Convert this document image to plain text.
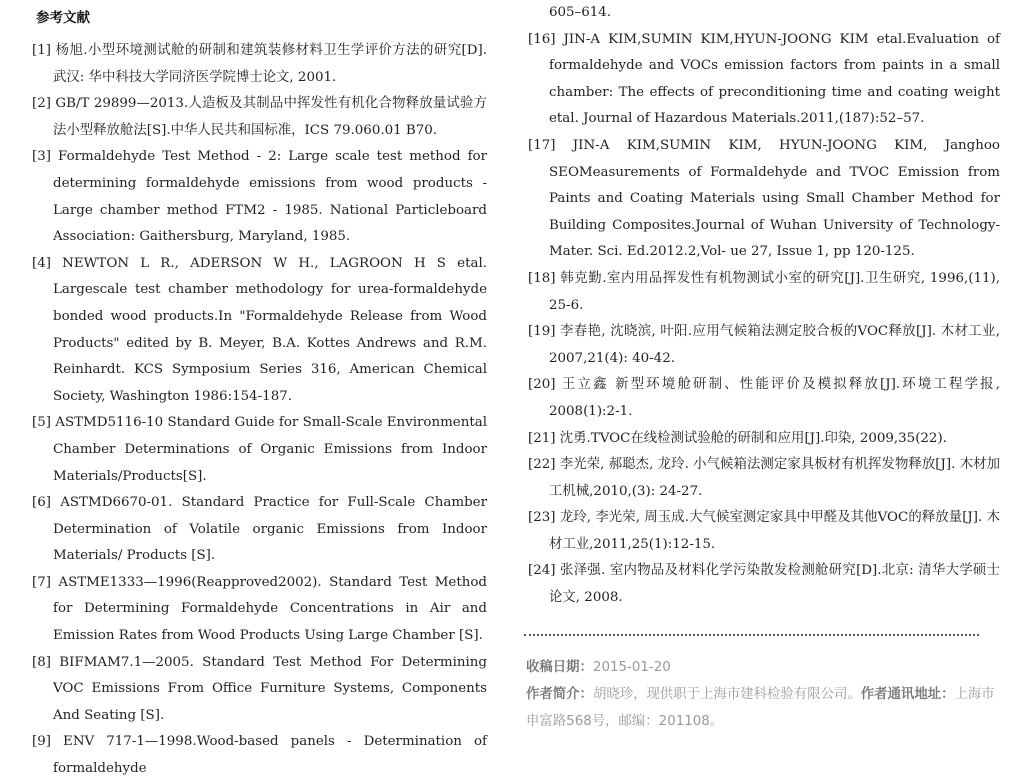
参考文献

[1] 杨旭.小型环境测试舱的研制和建筑装修材料卫生学评价方法的研究[D]. 武汉: 华中科技大学同济医学院博士论文, 2001.

[2] GB/T 29899—2013.人造板及其制品中挥发性有机化合物释放量试验方法小型释放舱法[S].中华人民共和国标准，ICS 79.060.01 B70.

[3] Formaldehyde Test Method - 2: Large scale test method for determining formaldehyde emissions from wood products - Large chamber method FTM2 - 1985. National Particleboard Association: Gaithersburg, Maryland, 1985.

[4] NEWTON L R., ADERSON W H., LAGROON H S etal. Largescale test chamber methodology for urea-formaldehyde bonded wood products.In "Formaldehyde Release from Wood Products" edited by B. Meyer, B.A. Kottes Andrews and R.M. Reinhardt. KCS Symposium Series 316, American Chemical Society, Washington 1986:154-187.

[5] ASTMD5116-10 Standard Guide for Small-Scale Environmental Chamber Determinations of Organic Emissions from Indoor Materials/Products[S].

[6] ASTMD6670-01. Standard Practice for Full-Scale Chamber Determination of Volatile organic Emissions from Indoor Materials/ Products [S].

[7] ASTME1333—1996(Reapproved2002). Standard Test Method for Determining Formaldehyde Concentrations in Air and Emission Rates from Wood Products Using Large Chamber [S].

[8] BIFMAM7.1—2005. Standard Test Method For Determining VOC Emissions From Office Furniture Systems, Components And Seating [S].

[9] ENV 717-1—1998.Wood-based panels - Determination of formaldehyde

605–614.

[16] JIN-A KIM,SUMIN KIM,HYUN-JOONG KIM etal.Evaluation of formaldehyde and VOCs emission factors from paints in a small chamber: The effects of preconditioning time and coating weight etal. Journal of Hazardous Materials.2011,(187):52–57.

[17] JIN-A KIM,SUMIN KIM, HYUN-JOONG KIM, Janghoo SEOMeasurements of Formaldehyde and TVOC Emission from Paints and Coating Materials using Small Chamber Method for Building Composites.Journal of Wuhan University of Technology-Mater. Sci. Ed.2012.2,Vol- ue 27, Issue 1, pp 120-125.

[18] 韩克勤.室内用品挥发性有机物测试小室的研究[J].卫生研究, 1996,(11), 25-6.

[19] 李春艳, 沈晓滨, 叶阳.应用气候箱法测定胶合板的VOC释放[J]. 木材工业, 2007,21(4): 40-42.

[20] 王立鑫 新型环境舱研制、性能评价及模拟释放[J].环境工程学报, 2008(1):2-1.

[21] 沈勇.TVOC在线检测试验舱的研制和应用[J].印染, 2009,35(22).

[22] 李光荣, 郝聪杰, 龙玲. 小气候箱法测定家具板材有机挥发物释放[J]. 木材加工机械,2010,(3): 24-27.

[23] 龙玲, 李光荣, 周玉成.大气候室测定家具中甲醛及其他VOC的释放量[J]. 木材工业,2011,25(1):12-15.

[24] 张泽强. 室内物品及材料化学污染散发检测舱研究[D].北京: 清华大学硕士论文, 2008.

收稿日期：2015-01-20

作者简介：胡晓珍，现供职于上海市建科检验有限公司。作者通讯地址：上海市申富路568号，邮编：201108。
